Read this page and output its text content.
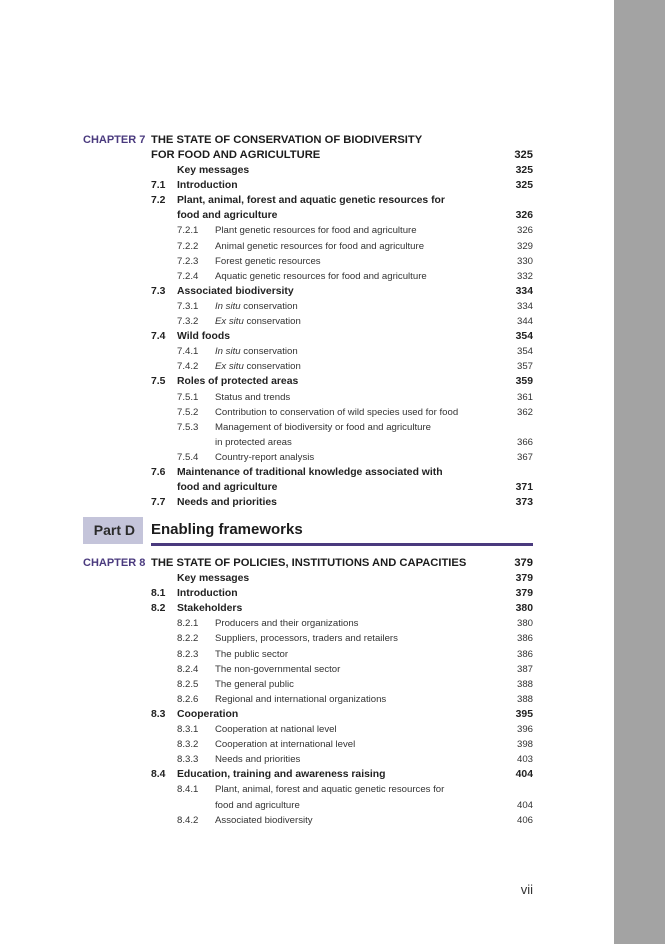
CHAPTER 7 THE STATE OF CONSERVATION OF BIODIVERSITY
FOR FOOD AND AGRICULTURE	325
Key messages	325
7.1 Introduction	325
7.2 Plant, animal, forest and aquatic genetic resources for
food and agriculture	326
7.2.1 Plant genetic resources for food and agriculture	326
7.2.2 Animal genetic resources for food and agriculture	329
7.2.3 Forest genetic resources	330
7.2.4 Aquatic genetic resources for food and agriculture	332
7.3 Associated biodiversity	334
7.3.1 In situ conservation	334
7.3.2 Ex situ conservation	344
7.4 Wild foods	354
7.4.1 In situ conservation	354
7.4.2 Ex situ conservation	357
7.5 Roles of protected areas	359
7.5.1 Status and trends	361
7.5.2 Contribution to conservation of wild species used for food	362
7.5.3 Management of biodiversity or food and agriculture
in protected areas	366
7.5.4 Country-report analysis	367
7.6 Maintenance of traditional knowledge associated with
food and agriculture	371
7.7 Needs and priorities	373
Part D	Enabling frameworks
CHAPTER 8 THE STATE OF POLICIES, INSTITUTIONS AND CAPACITIES	379
Key messages	379
8.1 Introduction	379
8.2 Stakeholders	380
8.2.1 Producers and their organizations	380
8.2.2 Suppliers, processors, traders and retailers	386
8.2.3 The public sector	386
8.2.4 The non-governmental sector	387
8.2.5 The general public	388
8.2.6 Regional and international organizations	388
8.3 Cooperation	395
8.3.1 Cooperation at national level	396
8.3.2 Cooperation at international level	398
8.3.3 Needs and priorities	403
8.4 Education, training and awareness raising	404
8.4.1 Plant, animal, forest and aquatic genetic resources for
food and agriculture	404
8.4.2 Associated biodiversity	406
vii
